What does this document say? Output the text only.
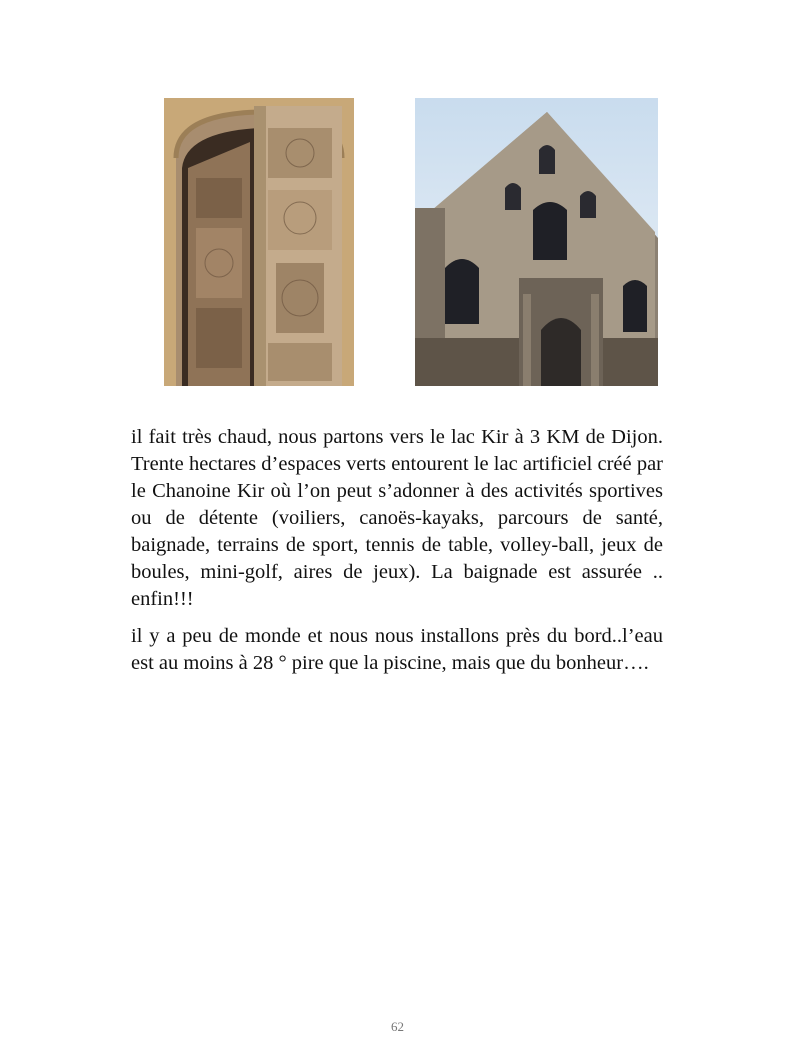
il fait très chaud, nous partons vers le lac Kir à 3 KM de Dijon. Trente hectares d’espaces verts entourent le lac artificiel créé par le Chanoine Kir où l’on peut s’adonner à des activités sportives ou de détente (voiliers, canoës-kayaks, parcours de santé, baignade, terrains de sport, tennis de table, volley-ball, jeux de boules, mini-golf, aires de jeux). La baignade est assurée .. enfin!!!

il y a peu de monde et nous nous installons près du bord..l’eau est au moins à 28 ° pire que la piscine, mais que du bonheur….

62
